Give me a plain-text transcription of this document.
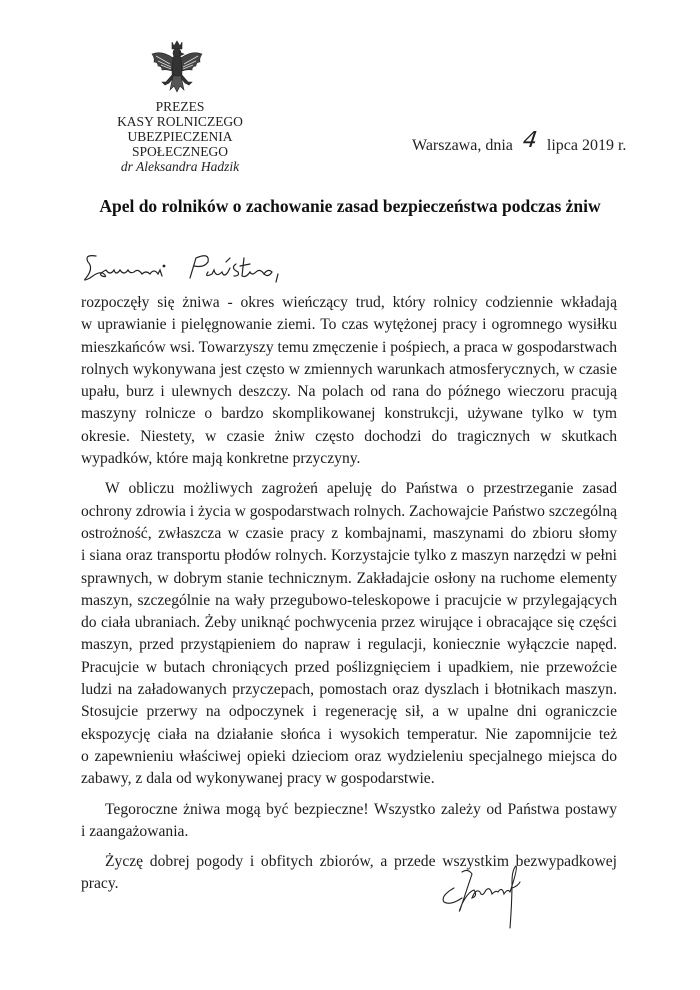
PREZES
KASY ROLNICZEGO
UBEZPIECZENIA SPOŁECZNEGO
dr Aleksandra Hadzik
Warszawa, dnia 4 lipca 2019 r.
Apel do rolników o zachowanie zasad bezpieczeństwa podczas żniw

rozpoczęły się żniwa - okres wieńczący trud, który rolnicy codziennie wkładają
w uprawianie i pielęgnowanie ziemi. To czas wytężonej pracy i ogromnego wysiłku
mieszkańców wsi. Towarzyszy temu zmęczenie i pośpiech, a praca w gospodarstwach
rolnych wykonywana jest często w zmiennych warunkach atmosferycznych, w czasie
upału, burz i ulewnych deszczy. Na polach od rana do późnego wieczoru pracują
maszyny rolnicze o bardzo skomplikowanej konstrukcji, używane tylko w tym
okresie. Niestety, w czasie żniw często dochodzi do tragicznych w skutkach
wypadków, które mają konkretne przyczyny.

W obliczu możliwych zagrożeń apeluję do Państwa o przestrzeganie zasad
ochrony zdrowia i życia w gospodarstwach rolnych. Zachowajcie Państwo szczególną
ostrożność, zwłaszcza w czasie pracy z kombajnami, maszynami do zbioru słomy
i siana oraz transportu płodów rolnych. Korzystajcie tylko z maszyn narzędzi w pełni
sprawnych, w dobrym stanie technicznym. Zakładajcie osłony na ruchome elementy
maszyn, szczególnie na wały przegubowo-teleskopowe i pracujcie w przylegających
do ciała ubraniach. Żeby uniknąć pochwycenia przez wirujące i obracające się części
maszyn, przed przystąpieniem do napraw i regulacji, koniecznie wyłączcie napęd.
Pracujcie w butach chroniących przed poślizgnięciem i upadkiem, nie przewoźcie
ludzi na załadowanych przyczepach, pomostach oraz dyszlach i błotnikach maszyn.
Stosujcie przerwy na odpoczynek i regenerację sił, a w upalne dni ograniczcie
ekspozycję ciała na działanie słońca i wysokich temperatur. Nie zapomnijcie też
o zapewnieniu właściwej opieki dzieciom oraz wydzieleniu specjalnego miejsca do
zabawy, z dala od wykonywanej pracy w gospodarstwie.

Tegoroczne żniwa mogą być bezpieczne! Wszystko zależy od Państwa postawy
i zaangażowania.

Życzę dobrej pogody i obfitych zbiorów, a przede wszystkim bezwypadkowej
pracy.
